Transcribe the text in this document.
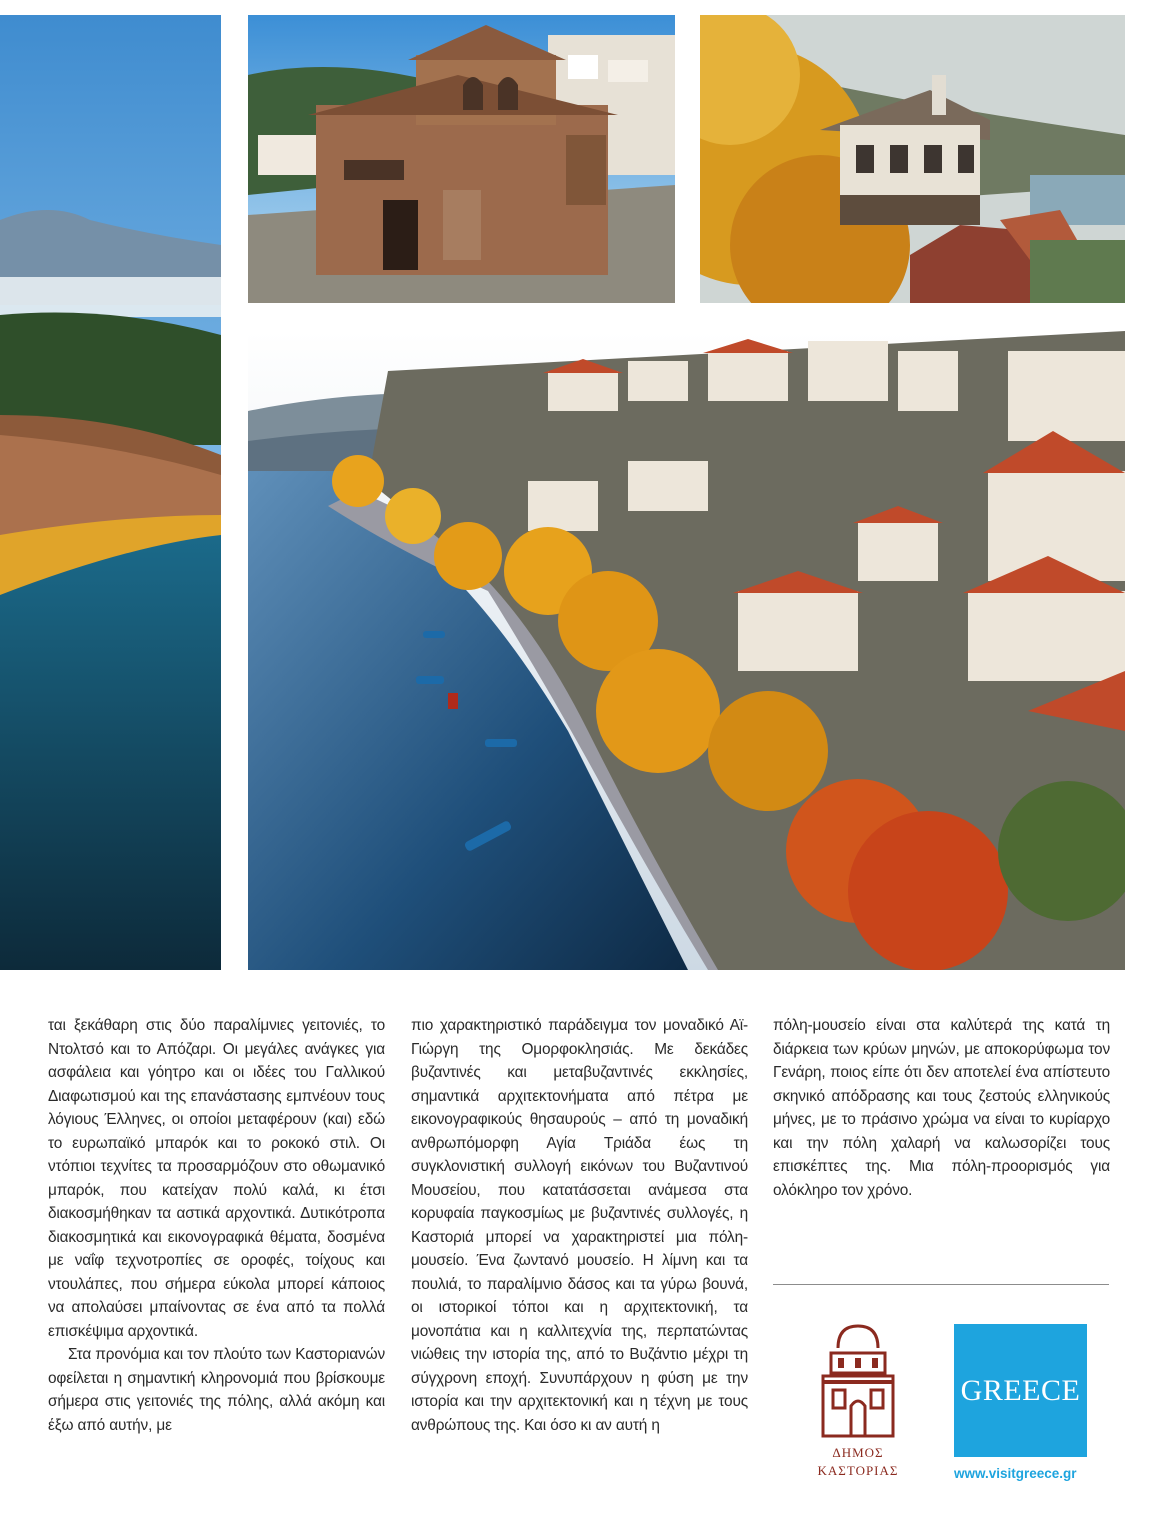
ται ξεκάθαρη στις δύο παραλίμνιες γειτονιές, το Ντολτσό και το Απόζαρι. Οι μεγάλες ανάγκες για ασφάλεια και γόητρο και οι ιδέες του Γαλλικού Διαφωτισμού και της επανάστασης εμπνέουν τους λόγιους Έλληνες, οι οποίοι μεταφέρουν (και) εδώ το ευρωπαϊκό μπαρόκ και το ροκοκό στιλ. Οι ντόπιοι τεχνίτες τα προσαρμόζουν στο οθωμανικό μπαρόκ, που κατείχαν πολύ καλά, κι έτσι διακοσμήθηκαν τα αστικά αρχοντικά. Δυτικότροπα διακοσμητικά και εικονογραφικά θέματα, δοσμένα με ναΐφ τεχνοτροπίες σε οροφές, τοίχους και ντουλάπες, που σήμερα εύκολα μπορεί κάποιος να απολαύσει μπαίνοντας σε ένα από τα πολλά επισκέψιμα αρχοντικά.

Στα προνόμια και τον πλούτο των Καστοριανών οφείλεται η σημαντική κληρονομιά που βρίσκουμε σήμερα στις γειτονιές της πόλης, αλλά ακόμη και έξω από αυτήν, με

πιο χαρακτηριστικό παράδειγμα τον μοναδικό Αϊ-Γιώργη της Ομορφοκλησιάς. Με δεκάδες βυζαντινές και μεταβυζαντινές εκκλησίες, σημαντικά αρχιτεκτονήματα από πέτρα με εικονογραφικούς θησαυρούς – από τη μοναδική ανθρωπόμορφη Αγία Τριάδα έως τη συγκλονιστική συλλογή εικόνων του Βυζαντινού Μουσείου, που κατατάσσεται ανάμεσα στα κορυφαία παγκοσμίως με βυζαντινές συλλογές, η Καστοριά μπορεί να χαρακτηριστεί μια πόλη-μουσείο. Ένα ζωντανό μουσείο. Η λίμνη και τα πουλιά, το παραλίμνιο δάσος και τα γύρω βουνά, οι ιστορικοί τόποι και η αρχιτεκτονική, τα μονοπάτια και η καλλιτεχνία της, περπατώντας νιώθεις την ιστορία της, από το Βυζάντιο μέχρι τη σύγχρονη εποχή. Συνυπάρχουν η φύση με την ιστορία και την αρχιτεκτονική και η τέχνη με τους ανθρώπους της. Και όσο κι αν αυτή η

πόλη-μουσείο είναι στα καλύτερά της κατά τη διάρκεια των κρύων μηνών, με αποκορύφωμα τον Γενάρη, ποιος είπε ότι δεν αποτελεί ένα απίστευτο σκηνικό απόδρασης και τους ζεστούς ελληνικούς μήνες, με το πράσινο χρώμα να είναι το κυρίαρχο και την πόλη χαλαρή να καλωσορίζει τους επισκέπτες της. Μια πόλη-προορισμός για ολόκληρο τον χρόνο.

ΔΗΜΟΣ
ΚΑΣΤΟΡΙΑΣ
GREECE
www.visitgreece.gr
